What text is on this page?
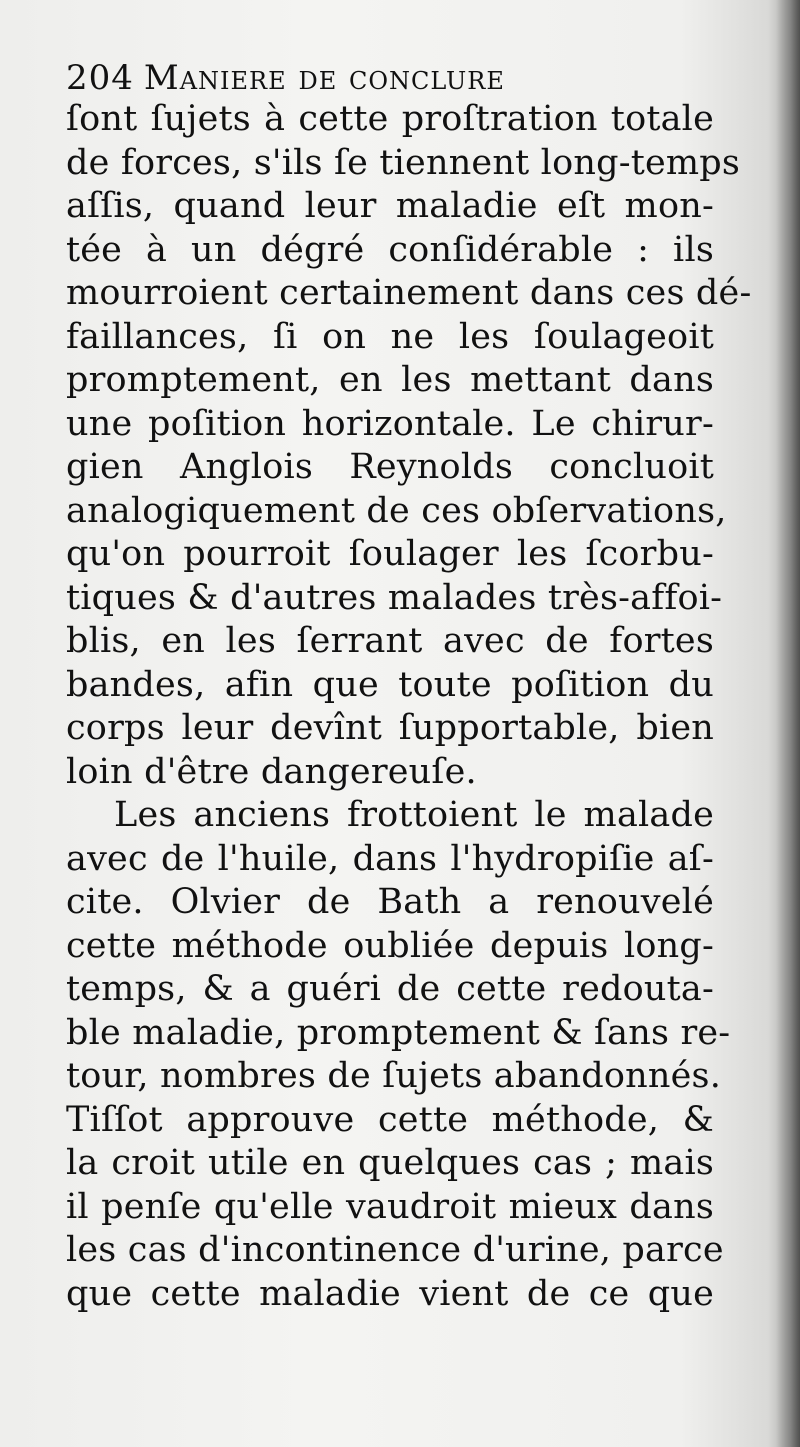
204 Maniere de conclure
ſont ſujets à cette proſtration totale
de forces, s'ils ſe tiennent long-temps
aſſis, quand leur maladie eſt mon-
tée à un dégré conſidérable : ils
mourroient certainement dans ces dé-
faillances, ſi on ne les ſoulageoit
promptement, en les mettant dans
une poſition horizontale. Le chirur-
gien Anglois Reynolds concluoit
analogiquement de ces obſervations,
qu'on pourroit ſoulager les ſcorbu-
tiques & d'autres malades très-affoi-
blis, en les ſerrant avec de fortes
bandes, afin que toute poſition du
corps leur devînt ſupportable, bien
loin d'être dangereuſe.
Les anciens frottoient le malade
avec de l'huile, dans l'hydropiſie aſ-
cite. Olvier de Bath a renouvelé
cette méthode oubliée depuis long-
temps, & a guéri de cette redouta-
ble maladie, promptement & ſans re-
tour, nombres de ſujets abandonnés.
Tiſſot approuve cette méthode, &
la croit utile en quelques cas ; mais
il penſe qu'elle vaudroit mieux dans
les cas d'incontinence d'urine, parce
que cette maladie vient de ce que
